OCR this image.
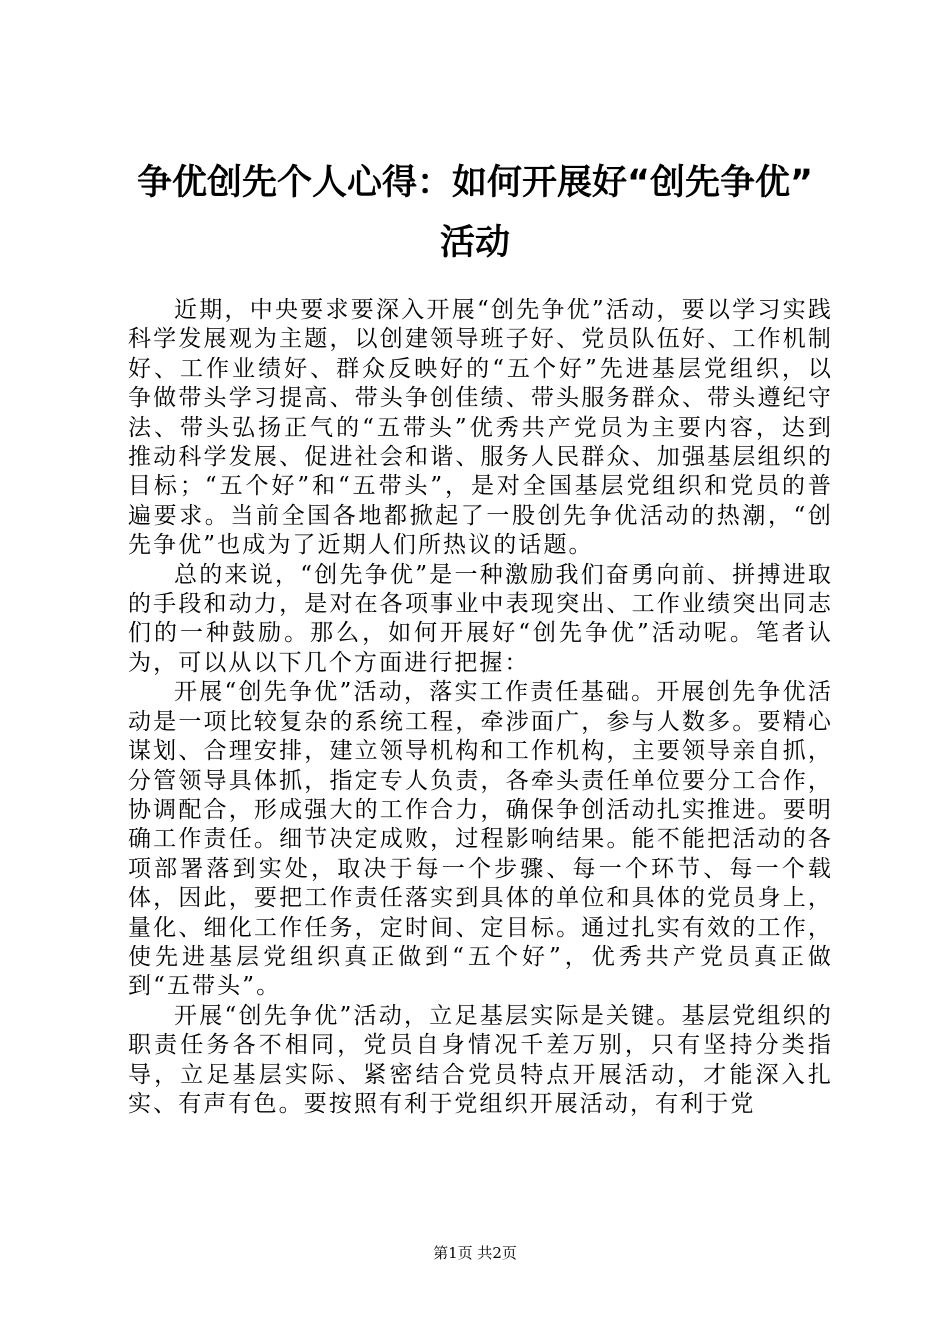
争优创先个人心得：如何开展好“创先争优”
活动

近期，中央要求要深入开展“创先争优”活动，要以学习实践科学发展观为主题，以创建领导班子好、党员队伍好、工作机制好、工作业绩好、群众反映好的“五个好”先进基层党组织，以争做带头学习提高、带头争创佳绩、带头服务群众、带头遵纪守法、带头弘扬正气的“五带头”优秀共产党员为主要内容，达到推动科学发展、促进社会和谐、服务人民群众、加强基层组织的目标；“五个好”和“五带头”，是对全国基层党组织和党员的普遍要求。当前全国各地都掀起了一股创先争优活动的热潮，“创先争优”也成为了近期人们所热议的话题。

总的来说，“创先争优”是一种激励我们奋勇向前、拼搏进取的手段和动力，是对在各项事业中表现突出、工作业绩突出同志们的一种鼓励。那么，如何开展好“创先争优”活动呢。笔者认为，可以从以下几个方面进行把握：

开展“创先争优”活动，落实工作责任基础。开展创先争优活动是一项比较复杂的系统工程，牵涉面广，参与人数多。要精心谋划、合理安排，建立领导机构和工作机构，主要领导亲自抓，分管领导具体抓，指定专人负责，各牵头责任单位要分工合作，协调配合，形成强大的工作合力，确保争创活动扎实推进。要明确工作责任。细节决定成败，过程影响结果。能不能把活动的各项部署落到实处，取决于每一个步骤、每一个环节、每一个载体，因此，要把工作责任落实到具体的单位和具体的党员身上，量化、细化工作任务，定时间、定目标。通过扎实有效的工作，使先进基层党组织真正做到“五个好”，优秀共产党员真正做到“五带头”。

开展“创先争优”活动，立足基层实际是关键。基层党组织的职责任务各不相同，党员自身情况千差万别，只有坚持分类指导，立足基层实际、紧密结合党员特点开展活动，才能深入扎实、有声有色。要按照有利于党组织开展活动，有利于党

第1页 共2页
